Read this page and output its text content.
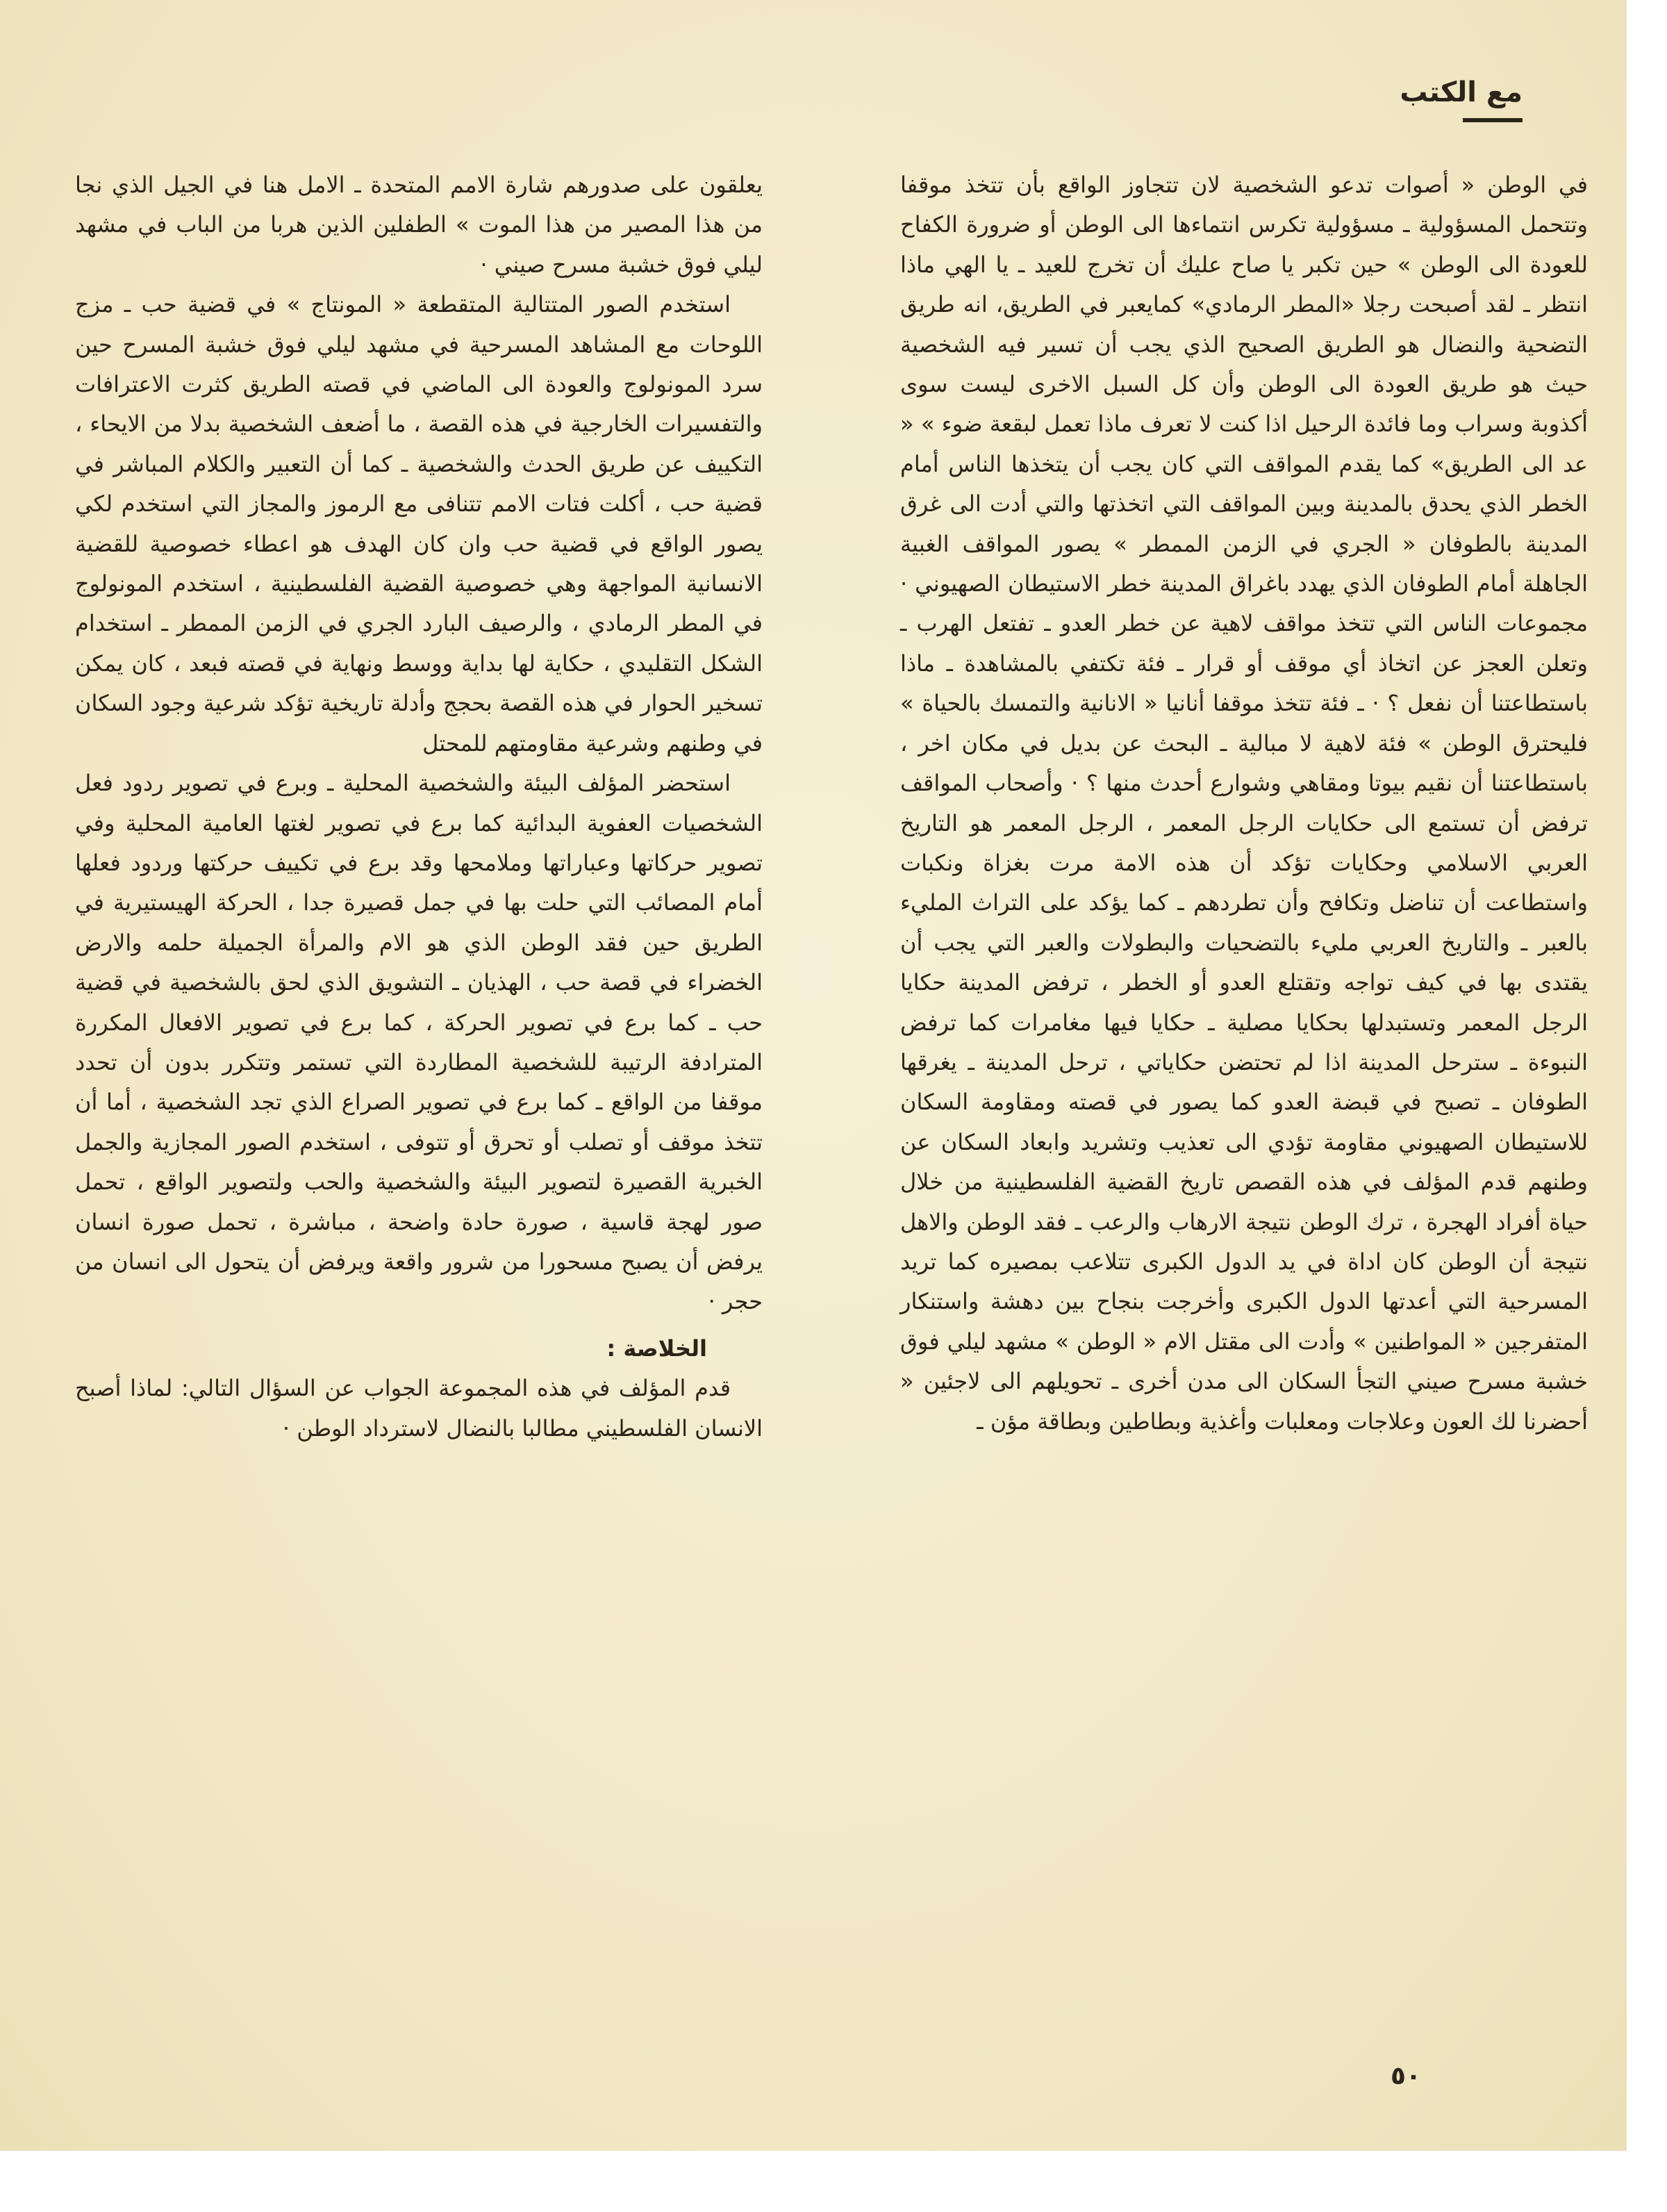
مع الكتب

في الوطن « أصوات تدعو الشخصية لان تتجاوز الواقع بأن تتخذ موقفا وتتحمل المسؤولية ـ مسؤولية تكرس انتماءها الى الوطن أو ضرورة الكفاح للعودة الى الوطن » حين تكبر يا صاح عليك أن تخرج للعيد ـ يا الهي ماذا انتظر ـ لقد أصبحت رجلا «المطر الرمادي» كمايعبر في الطريق، انه طريق التضحية والنضال هو الطريق الصحيح الذي يجب أن تسير فيه الشخصية حيث هو طريق العودة الى الوطن وأن كل السبل الاخرى ليست سوى أكذوبة وسراب وما فائدة الرحيل اذا كنت لا تعرف ماذا تعمل لبقعة ضوء » « عد الى الطريق» كما يقدم المواقف التي كان يجب أن يتخذها الناس أمام الخطر الذي يحدق بالمدينة وبين المواقف التي اتخذتها والتي أدت الى غرق المدينة بالطوفان « الجري في الزمن الممطر » يصور المواقف الغبية الجاهلة أمام الطوفان الذي يهدد باغراق المدينة خطر الاستيطان الصهيوني · مجموعات الناس التي تتخذ مواقف لاهية عن خطر العدو ـ تفتعل الهرب ـ وتعلن العجز عن اتخاذ أي موقف أو قرار ـ فئة تكتفي بالمشاهدة ـ ماذا باستطاعتنا أن نفعل ؟ · ـ فئة تتخذ موقفا أنانيا « الانانية والتمسك بالحياة » فليحترق الوطن » فئة لاهية لا مبالية ـ البحث عن بديل في مكان اخر ، باستطاعتنا أن نقيم بيوتا ومقاهي وشوارع أحدث منها ؟ · وأصحاب المواقف ترفض أن تستمع الى حكايات الرجل المعمر ، الرجل المعمر هو التاريخ العربي الاسلامي وحكايات تؤكد أن هذه الامة مرت بغزاة ونكبات واستطاعت أن تناضل وتكافح وأن تطردهم ـ كما يؤكد على التراث المليء بالعبر ـ والتاريخ العربي مليء بالتضحيات والبطولات والعبر التي يجب أن يقتدى بها في كيف تواجه وتقتلع العدو أو الخطر ، ترفض المدينة حكايا الرجل المعمر وتستبدلها بحكايا مصلية ـ حكايا فيها مغامرات كما ترفض النبوءة ـ سترحل المدينة اذا لم تحتضن حكاياتي ، ترحل المدينة ـ يغرقها الطوفان ـ تصبح في قبضة العدو كما يصور في قصته ومقاومة السكان للاستيطان الصهيوني مقاومة تؤدي الى تعذيب وتشريد وابعاد السكان عن وطنهم قدم المؤلف في هذه القصص تاريخ القضية الفلسطينية من خلال حياة أفراد الهجرة ، ترك الوطن نتيجة الارهاب والرعب ـ فقد الوطن والاهل نتيجة أن الوطن كان اداة في يد الدول الكبرى تتلاعب بمصيره كما تريد المسرحية التي أعدتها الدول الكبرى وأخرجت بنجاح بين دهشة واستنكار المتفرجين « المواطنين » وأدت الى مقتل الام « الوطن » مشهد ليلي فوق خشبة مسرح صيني التجأ السكان الى مدن أخرى ـ تحويلهم الى لاجئين « أحضرنا لك العون وعلاجات ومعلبات وأغذية وبطاطين وبطاقة مؤن ـ

يعلقون على صدورهم شارة الامم المتحدة ـ الامل هنا في الجيل الذي نجا من هذا المصير من هذا الموت » الطفلين الذين هربا من الباب في مشهد ليلي فوق خشبة مسرح صيني ·

استخدم الصور المتتالية المتقطعة « المونتاج » في قضية حب ـ مزج اللوحات مع المشاهد المسرحية في مشهد ليلي فوق خشبة المسرح حين سرد المونولوج والعودة الى الماضي في قصته الطريق كثرت الاعترافات والتفسيرات الخارجية في هذه القصة ، ما أضعف الشخصية بدلا من الايحاء ، التكييف عن طريق الحدث والشخصية ـ كما أن التعبير والكلام المباشر في قضية حب ، أكلت فتات الامم تتنافى مع الرموز والمجاز التي استخدم لكي يصور الواقع في قضية حب وان كان الهدف هو اعطاء خصوصية للقضية الانسانية المواجهة وهي خصوصية القضية الفلسطينية ، استخدم المونولوج في المطر الرمادي ، والرصيف البارد الجري في الزمن الممطر ـ استخدام الشكل التقليدي ، حكاية لها بداية ووسط ونهاية في قصته فبعد ، كان يمكن تسخير الحوار في هذه القصة بحجج وأدلة تاريخية تؤكد شرعية وجود السكان في وطنهم وشرعية مقاومتهم للمحتل

استحضر المؤلف البيئة والشخصية المحلية ـ وبرع في تصوير ردود فعل الشخصيات العفوية البدائية كما برع في تصوير لغتها العامية المحلية وفي تصوير حركاتها وعباراتها وملامحها وقد برع في تكييف حركتها وردود فعلها أمام المصائب التي حلت بها في جمل قصيرة جدا ، الحركة الهيستيرية في الطريق حين فقد الوطن الذي هو الام والمرأة الجميلة حلمه والارض الخضراء في قصة حب ، الهذيان ـ التشويق الذي لحق بالشخصية في قضية حب ـ كما برع في تصوير الحركة ، كما برع في تصوير الافعال المكررة المترادفة الرتيبة للشخصية المطاردة التي تستمر وتتكرر بدون أن تحدد موقفا من الواقع ـ كما برع في تصوير الصراع الذي تجد الشخصية ، أما أن تتخذ موقف أو تصلب أو تحرق أو تتوفى ، استخدم الصور المجازية والجمل الخبرية القصيرة لتصوير البيئة والشخصية والحب ولتصوير الواقع ، تحمل صور لهجة قاسية ، صورة حادة واضحة ، مباشرة ، تحمل صورة انسان يرفض أن يصبح مسحورا من شرور واقعة ويرفض أن يتحول الى انسان من حجر ·

الخلاصة :

قدم المؤلف في هذه المجموعة الجواب عن السؤال التالي: لماذا أصبح الانسان الفلسطيني مطالبا بالنضال لاسترداد الوطن ·

٥٠
